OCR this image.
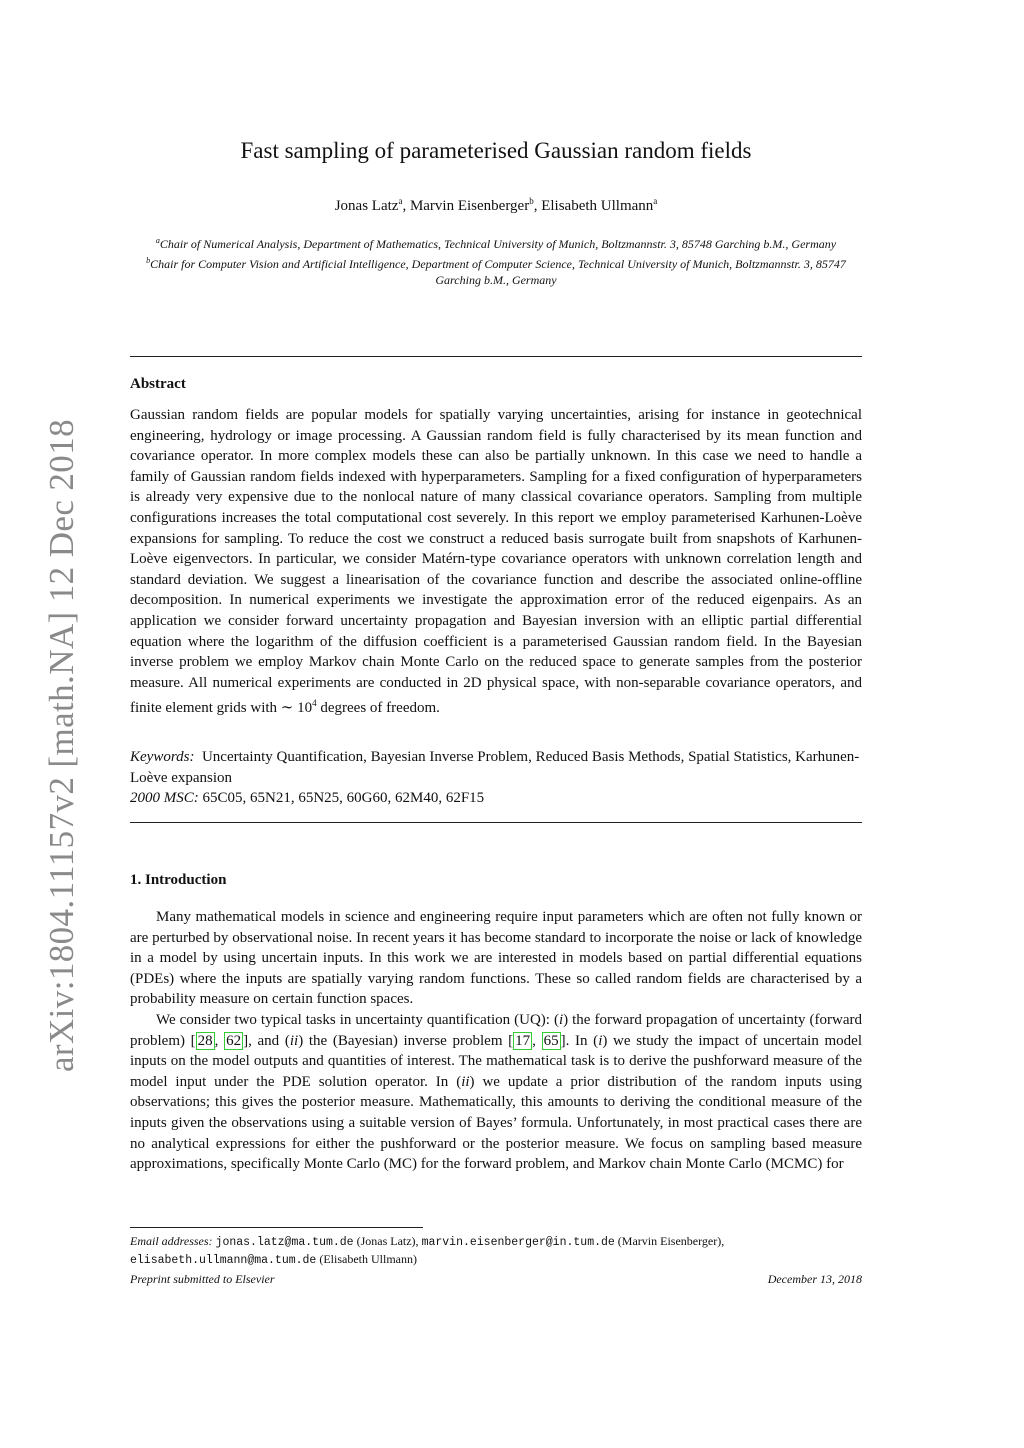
arXiv:1804.11157v2 [math.NA] 12 Dec 2018
Fast sampling of parameterised Gaussian random fields
Jonas Latz$^a$, Marvin Eisenberger$^b$, Elisabeth Ullmann$^a$
$^a$Chair of Numerical Analysis, Department of Mathematics, Technical University of Munich, Boltzmannstr. 3, 85748 Garching b.M., Germany
$^b$Chair for Computer Vision and Artificial Intelligence, Department of Computer Science, Technical University of Munich, Boltzmannstr. 3, 85747 Garching b.M., Germany
Abstract
Gaussian random fields are popular models for spatially varying uncertainties, arising for instance in geotechnical engineering, hydrology or image processing. A Gaussian random field is fully characterised by its mean function and covariance operator. In more complex models these can also be partially unknown. In this case we need to handle a family of Gaussian random fields indexed with hyperparameters. Sampling for a fixed configuration of hyperparameters is already very expensive due to the nonlocal nature of many classical covariance operators. Sampling from multiple configurations increases the total computational cost severely. In this report we employ parameterised Karhunen-Loève expansions for sampling. To reduce the cost we construct a reduced basis surrogate built from snapshots of Karhunen-Loève eigenvectors. In particular, we consider Matérn-type covariance operators with unknown correlation length and standard deviation. We suggest a linearisation of the covariance function and describe the associated online-offline decomposition. In numerical experiments we investigate the approximation error of the reduced eigenpairs. As an application we consider forward uncertainty propagation and Bayesian inversion with an elliptic partial differential equation where the logarithm of the diffusion coefficient is a parameterised Gaussian random field. In the Bayesian inverse problem we employ Markov chain Monte Carlo on the reduced space to generate samples from the posterior measure. All numerical experiments are conducted in 2D physical space, with non-separable covariance operators, and finite element grids with ∼ $10^4$ degrees of freedom.
Keywords: Uncertainty Quantification, Bayesian Inverse Problem, Reduced Basis Methods, Spatial Statistics, Karhunen-Loève expansion
2000 MSC: 65C05, 65N21, 65N25, 60G60, 62M40, 62F15
1. Introduction

Many mathematical models in science and engineering require input parameters which are often not fully known or are perturbed by observational noise. In recent years it has become standard to incorporate the noise or lack of knowledge in a model by using uncertain inputs. In this work we are interested in models based on partial differential equations (PDEs) where the inputs are spatially varying random functions. These so called random fields are characterised by a probability measure on certain function spaces.

We consider two typical tasks in uncertainty quantification (UQ): (i) the forward propagation of uncertainty (forward problem) [ 28 , 62 ], and (ii) the (Bayesian) inverse problem [ 17 , 65 ]. In (i) we study the impact of uncertain model inputs on the model outputs and quantities of interest. The mathematical task is to derive the pushforward measure of the model input under the PDE solution operator. In (ii) we update a prior distribution of the random inputs using observations; this gives the posterior measure. Mathematically, this amounts to deriving the conditional measure of the inputs given the observations using a suitable version of Bayes’ formula. Unfortunately, in most practical cases there are no analytical expressions for either the pushforward or the posterior measure. We focus on sampling based measure approximations, specifically Monte Carlo (MC) for the forward problem, and Markov chain Monte Carlo (MCMC) for

Email addresses: jonas.latz@ma.tum.de (Jonas Latz), marvin.eisenberger@in.tum.de (Marvin Eisenberger),
elisabeth.ullmann@ma.tum.de (Elisabeth Ullmann)
Preprint submitted to Elsevier	December 13, 2018
